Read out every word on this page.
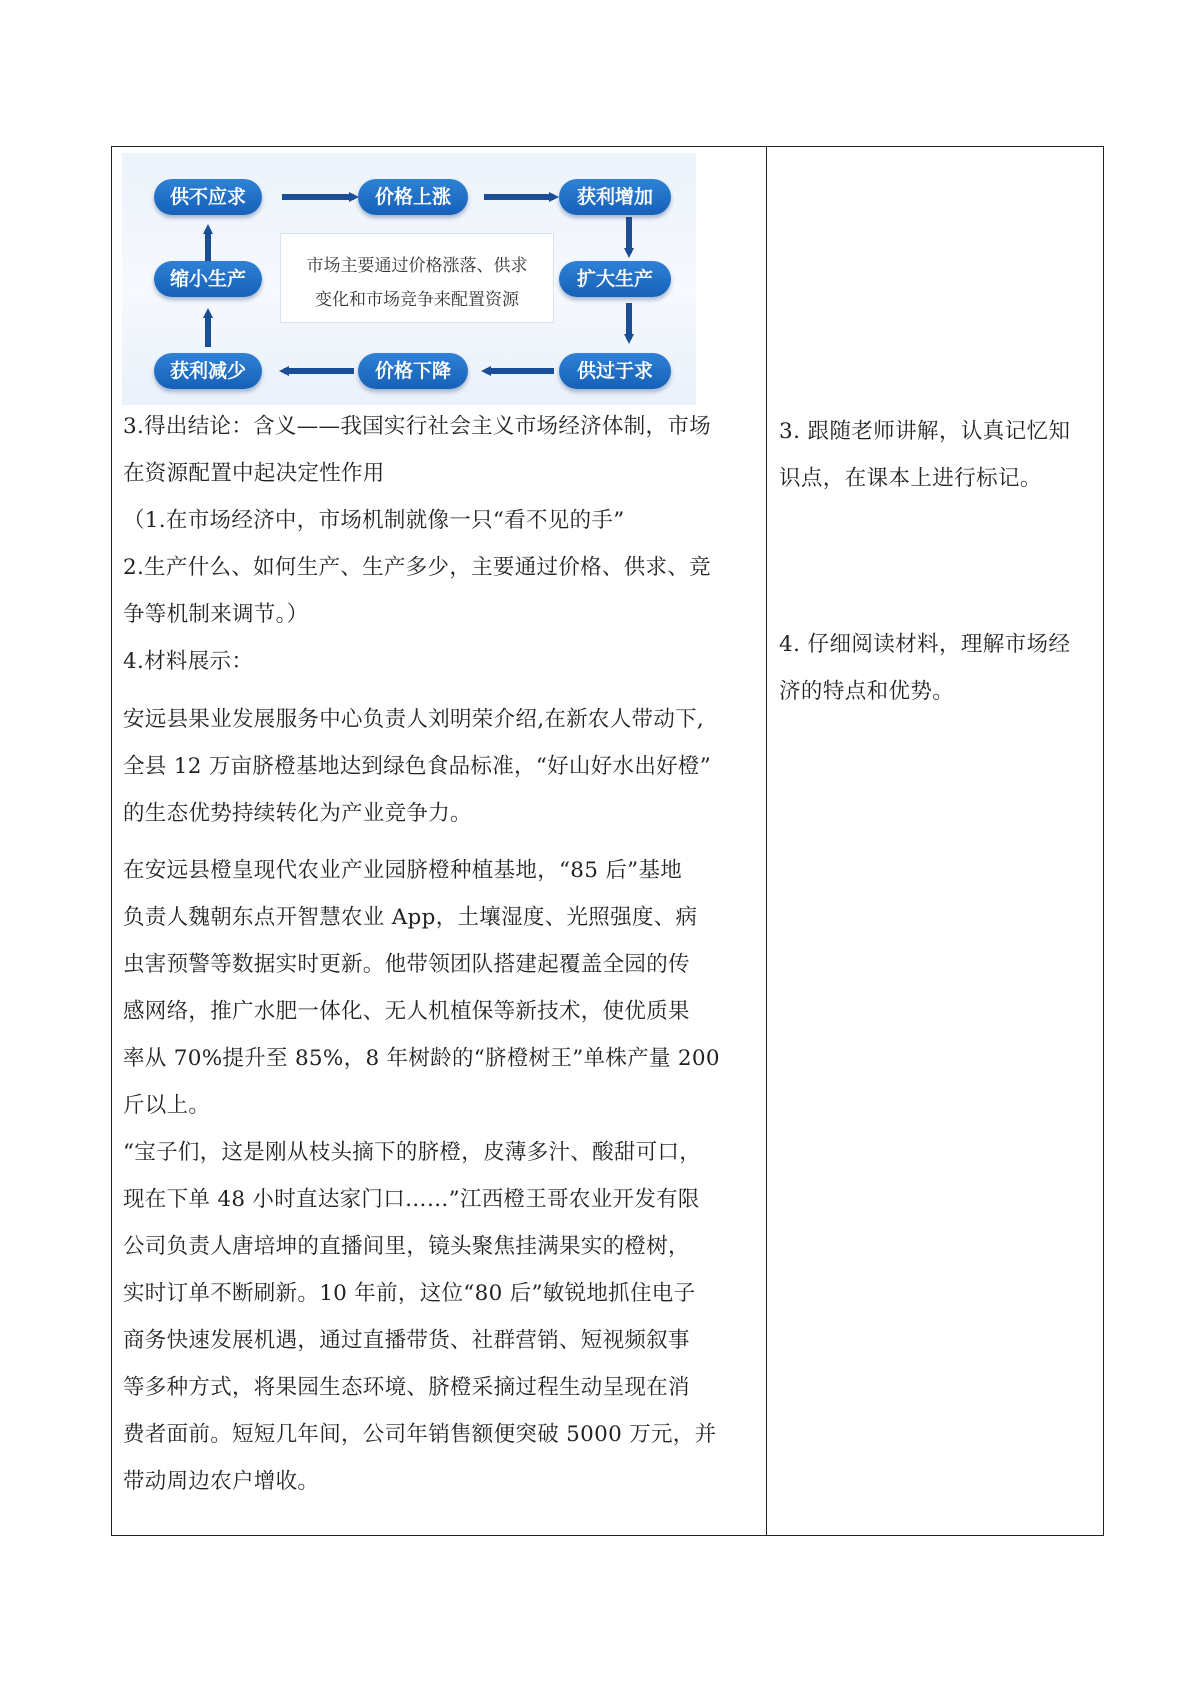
供不应求	价格上涨	获利增加
扩大生产
供过于求
价格下降
获利减少
缩小生产
市场主要通过价格涨落、供求
变化和市场竞争来配置资源

3.得出结论：含义——我国实行社会主义市场经济体制，市场

在资源配置中起决定性作用

（1.在市场经济中，市场机制就像一只“看不见的手”

2.生产什么、如何生产、生产多少，主要通过价格、供求、竞

争等机制来调节。）

4.材料展示：

安远县果业发展服务中心负责人刘明荣介绍,在新农人带动下,

全县 12 万亩脐橙基地达到绿色食品标准，“好山好水出好橙”

的生态优势持续转化为产业竞争力。

在安远县橙皇现代农业产业园脐橙种植基地，“85 后”基地

负责人魏朝东点开智慧农业 App，土壤湿度、光照强度、病

虫害预警等数据实时更新。他带领团队搭建起覆盖全园的传

感网络，推广水肥一体化、无人机植保等新技术，使优质果

率从 70%提升至 85%，8 年树龄的“脐橙树王”单株产量 200

斤以上。

“宝子们，这是刚从枝头摘下的脐橙，皮薄多汁、酸甜可口，

现在下单 48 小时直达家门口……”江西橙王哥农业开发有限

公司负责人唐培坤的直播间里，镜头聚焦挂满果实的橙树，

实时订单不断刷新。10 年前，这位“80 后”敏锐地抓住电子

商务快速发展机遇，通过直播带货、社群营销、短视频叙事

等多种方式，将果园生态环境、脐橙采摘过程生动呈现在消

费者面前。短短几年间，公司年销售额便突破 5000 万元，并

带动周边农户增收。

3. 跟随老师讲解，认真记忆知

识点，在课本上进行标记。

4. 仔细阅读材料，理解市场经

济的特点和优势。
